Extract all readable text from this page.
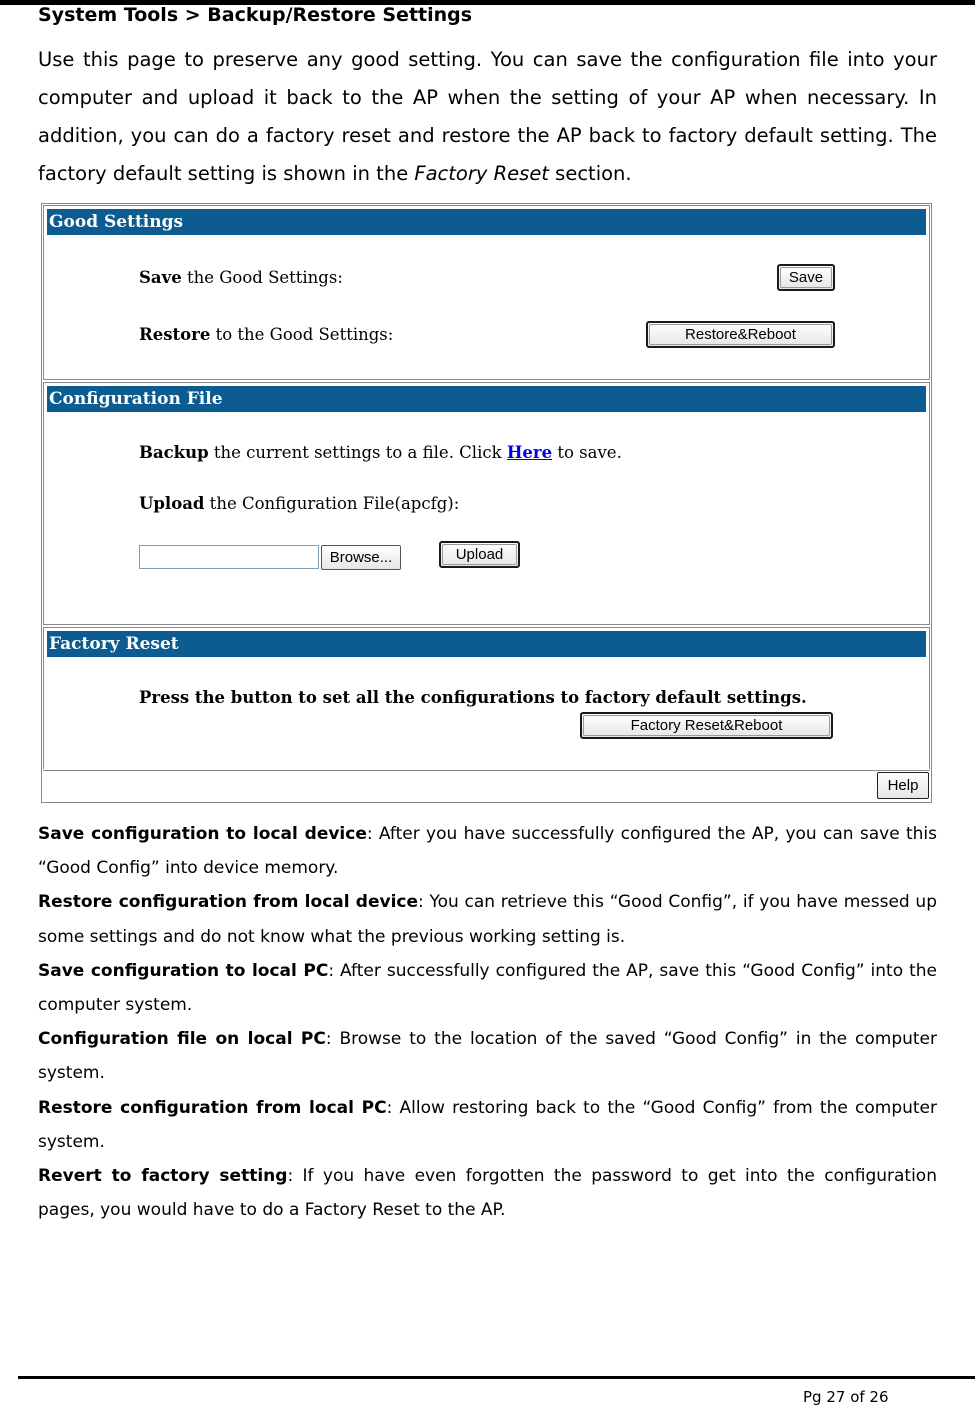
System Tools > Backup/Restore Settings

Use this page to preserve any good setting. You can save the configuration file into your computer and upload it back to the AP when the setting of your AP when necessary. In addition, you can do a factory reset and restore the AP back to factory default setting. The factory default setting is shown in the Factory Reset section.

Good Settings
Save the Good Settings:	Save
Restore to the Good Settings:	Restore&Reboot
Configuration File
Backup the current settings to a file. Click Here to save.
Upload the Configuration File(apcfg):
Browse...	Upload
Factory Reset
Press the button to set all the configurations to factory default settings.
Factory Reset&Reboot
Help

Save configuration to local device: After you have successfully configured the AP, you can save this “Good Config” into device memory.

Restore configuration from local device: You can retrieve this “Good Config”, if you have messed up some settings and do not know what the previous working setting is.

Save configuration to local PC: After successfully configured the AP, save this “Good Config” into the computer system.

Configuration file on local PC: Browse to the location of the saved “Good Config” in the computer system.

Restore configuration from local PC: Allow restoring back to the “Good Config” from the computer system.

Revert to factory setting: If you have even forgotten the password to get into the configuration pages, you would have to do a Factory Reset to the AP.

Pg 27 of 26
